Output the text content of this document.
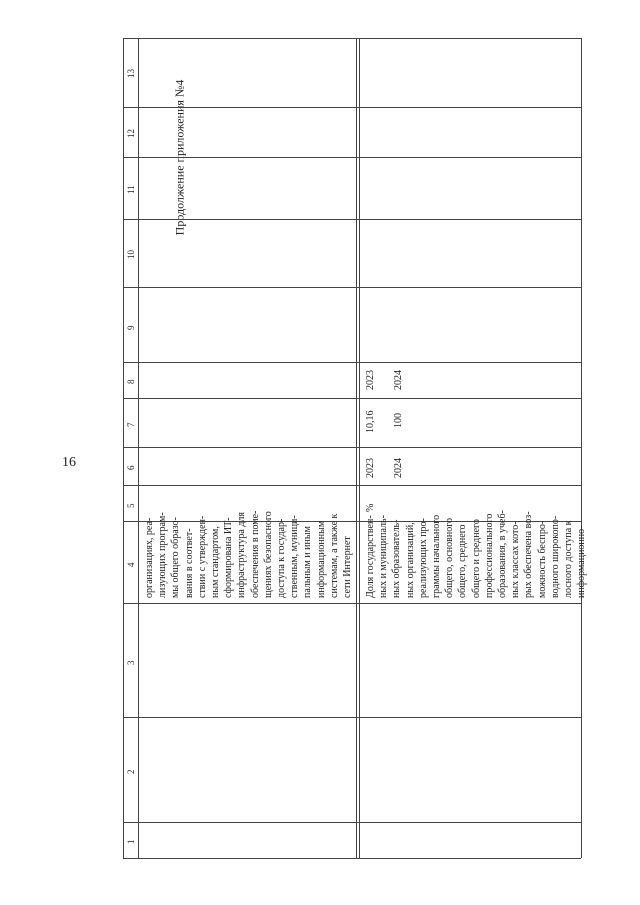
16
Продолжение приложения №4
1
2
3
4
5
6
7
8
9
10
11
12
13
организациях, реа- лизующих програм- мы общего образо- вания в соответ- ствии с утвержден- ным стандартом, сформирована ИТ- инфраструктура для обеспечения в поме- щениях безопасного доступа к государ- ственным, муници- пальным и иным информационным системам, а также к сети Интернет Доля государствен- ных и муниципаль- ных образователь- ных организаций, реализующих про- граммы начального общего, основного общего, среднего общего и среднего профессионального образования, в учеб- ных классах кото- рых обеспечена воз- можность беспро- водного широкопо- лосного доступа к информационно-
%
2023
10,16
2023
2024
100
2024
